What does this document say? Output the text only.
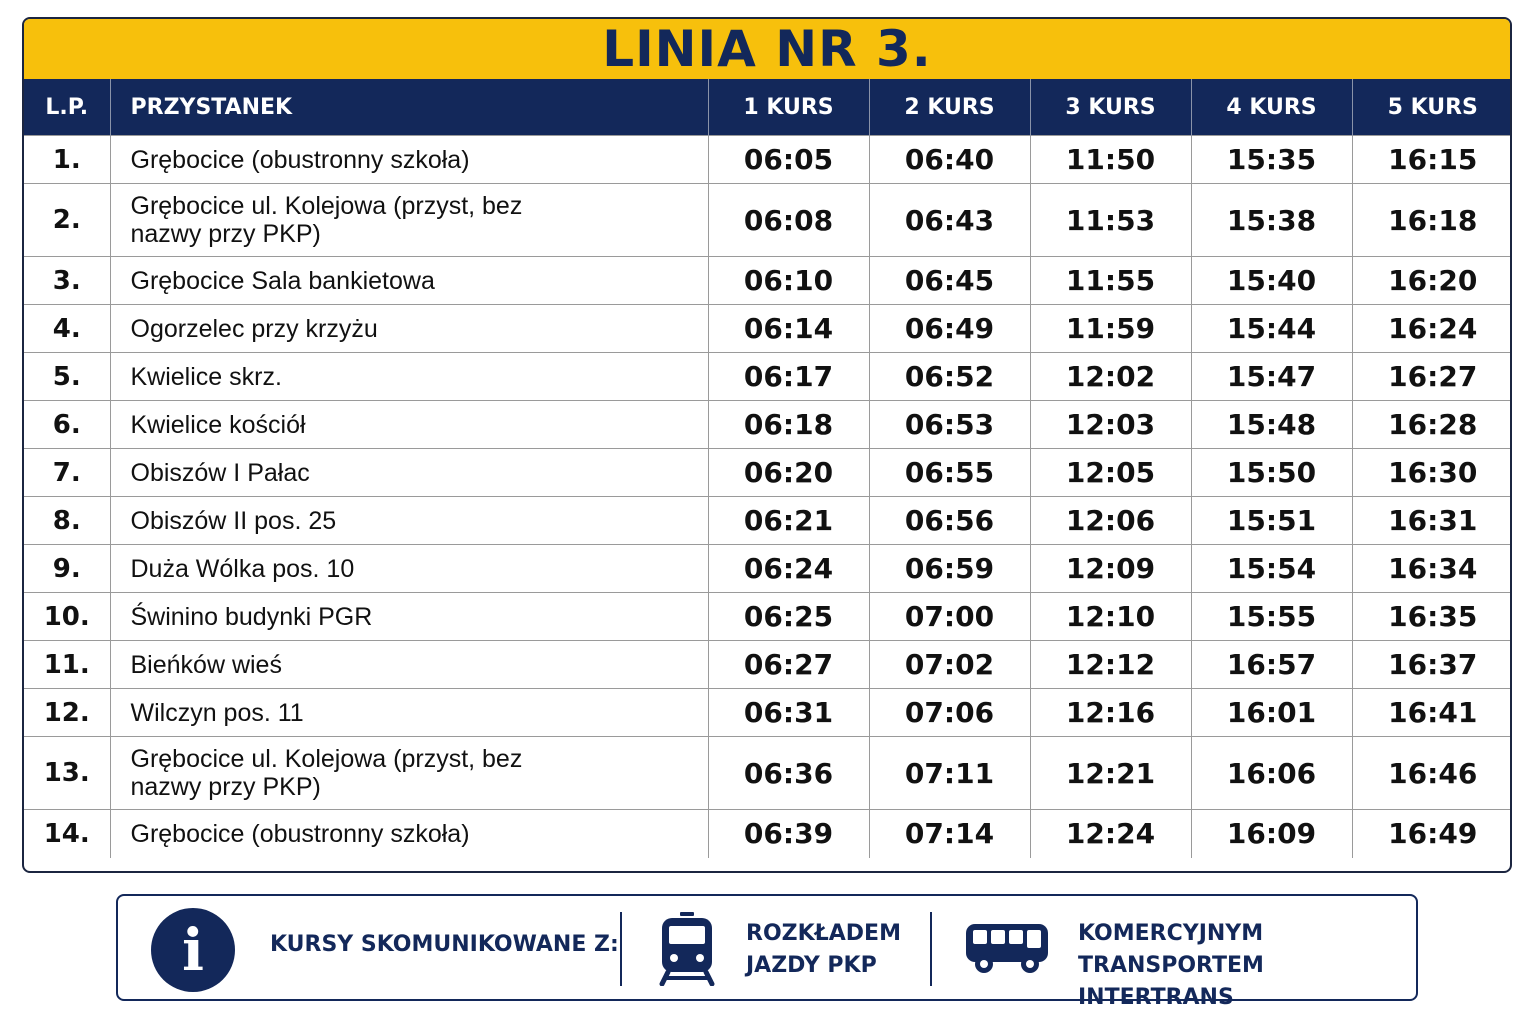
LINIA NR 3.
L.P.	PRZYSTANEK	1 KURS	2 KURS	3 KURS	4 KURS	5 KURS
1.	Grębocice (obustronny szkoła)	06:05	06:40	11:50	15:35	16:15
2.	Grębocice ul. Kolejowa (przyst, bez nazwy przy PKP)	06:08	06:43	11:53	15:38	16:18
3.	Grębocice Sala bankietowa	06:10	06:45	11:55	15:40	16:20
4.	Ogorzelec przy krzyżu	06:14	06:49	11:59	15:44	16:24
5.	Kwielice skrz.	06:17	06:52	12:02	15:47	16:27
6.	Kwielice kościół	06:18	06:53	12:03	15:48	16:28
7.	Obiszów I Pałac	06:20	06:55	12:05	15:50	16:30
8.	Obiszów II pos. 25	06:21	06:56	12:06	15:51	16:31
9.	Duża Wólka pos. 10	06:24	06:59	12:09	15:54	16:34
10.	Świnino budynki PGR	06:25	07:00	12:10	15:55	16:35
11.	Bieńków wieś	06:27	07:02	12:12	16:57	16:37
12.	Wilczyn pos. 11	06:31	07:06	12:16	16:01	16:41
13.	Grębocice ul. Kolejowa (przyst, bez nazwy przy PKP)	06:36	07:11	12:21	16:06	16:46
14.	Grębocice (obustronny szkoła)	06:39	07:14	12:24	16:09	16:49
i	KURSY SKOMUNIKOWANE Z:	ROZKŁADEM
JAZDY PKP
KOMERCYJNYM
TRANSPORTEM INTERTRANS
